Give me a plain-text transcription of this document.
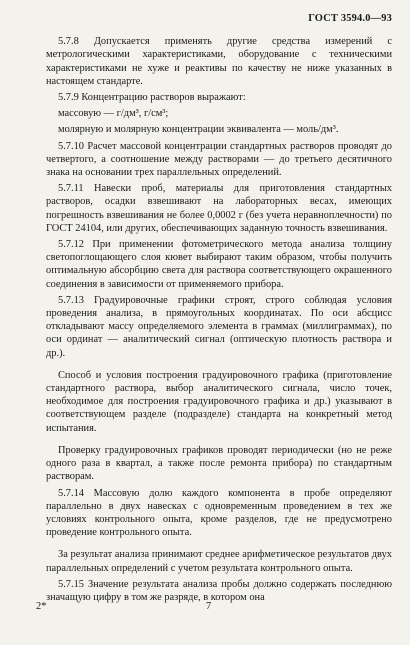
ГОСТ 3594.0—93

5.7.8 Допускается применять другие средства измерений с метрологическими характеристиками, оборудование с техническими характеристиками не хуже и реактивы по качеству не ниже указанных в настоящем стандарте.

5.7.9 Концентрацию растворов выражают:

массовую — г/дм³, г/см³;

молярную и молярную концентрации эквивалента — моль/дм³.

5.7.10 Расчет массовой концентрации стандартных растворов проводят до четвертого, а соотношение между растворами — до третьего десятичного знака на основании трех параллельных определений.

5.7.11 Навески проб, материалы для приготовления стандартных растворов, осадки взвешивают на лабораторных весах, имеющих погрешность взвешивания не более 0,0002 г (без учета неравноплечности) по ГОСТ 24104, или других, обеспечивающих заданную точность взвешивания.

5.7.12 При применении фотометрического метода анализа толщину светопоглощающего слоя кювет выбирают таким образом, чтобы получить оптимальную абсорбцию света для раствора соответствующего окрашенного соединения в зависимости от применяемого прибора.

5.7.13 Градуировочные графики строят, строго соблюдая условия проведения анализа, в прямоугольных координатах. По оси абсцисс откладывают массу определяемого элемента в граммах (миллиграммах), по оси ординат — аналитический сигнал (оптическую плотность раствора и др.).

Способ и условия построения градуировочного графика (приготовление стандартного раствора, выбор аналитического сигнала, число точек, необходимое для построения градуировочного графика и др.) указывают в соответствующем разделе (подразделе) стандарта на конкретный метод испытания.

Проверку градуировочных графиков проводят периодически (но не реже одного раза в квартал, а также после ремонта прибора) по стандартным растворам.

5.7.14 Массовую долю каждого компонента в пробе определяют параллельно в двух навесках с одновременным проведением в тех же условиях контрольного опыта, кроме разделов, где не предусмотрено проведение контрольного опыта.

За результат анализа принимают среднее арифметическое результатов двух параллельных определений с учетом результата контрольного опыта.

5.7.15 Значение результата анализа пробы должно содержать последнюю значащую цифру в том же разряде, в котором она

2*	7
